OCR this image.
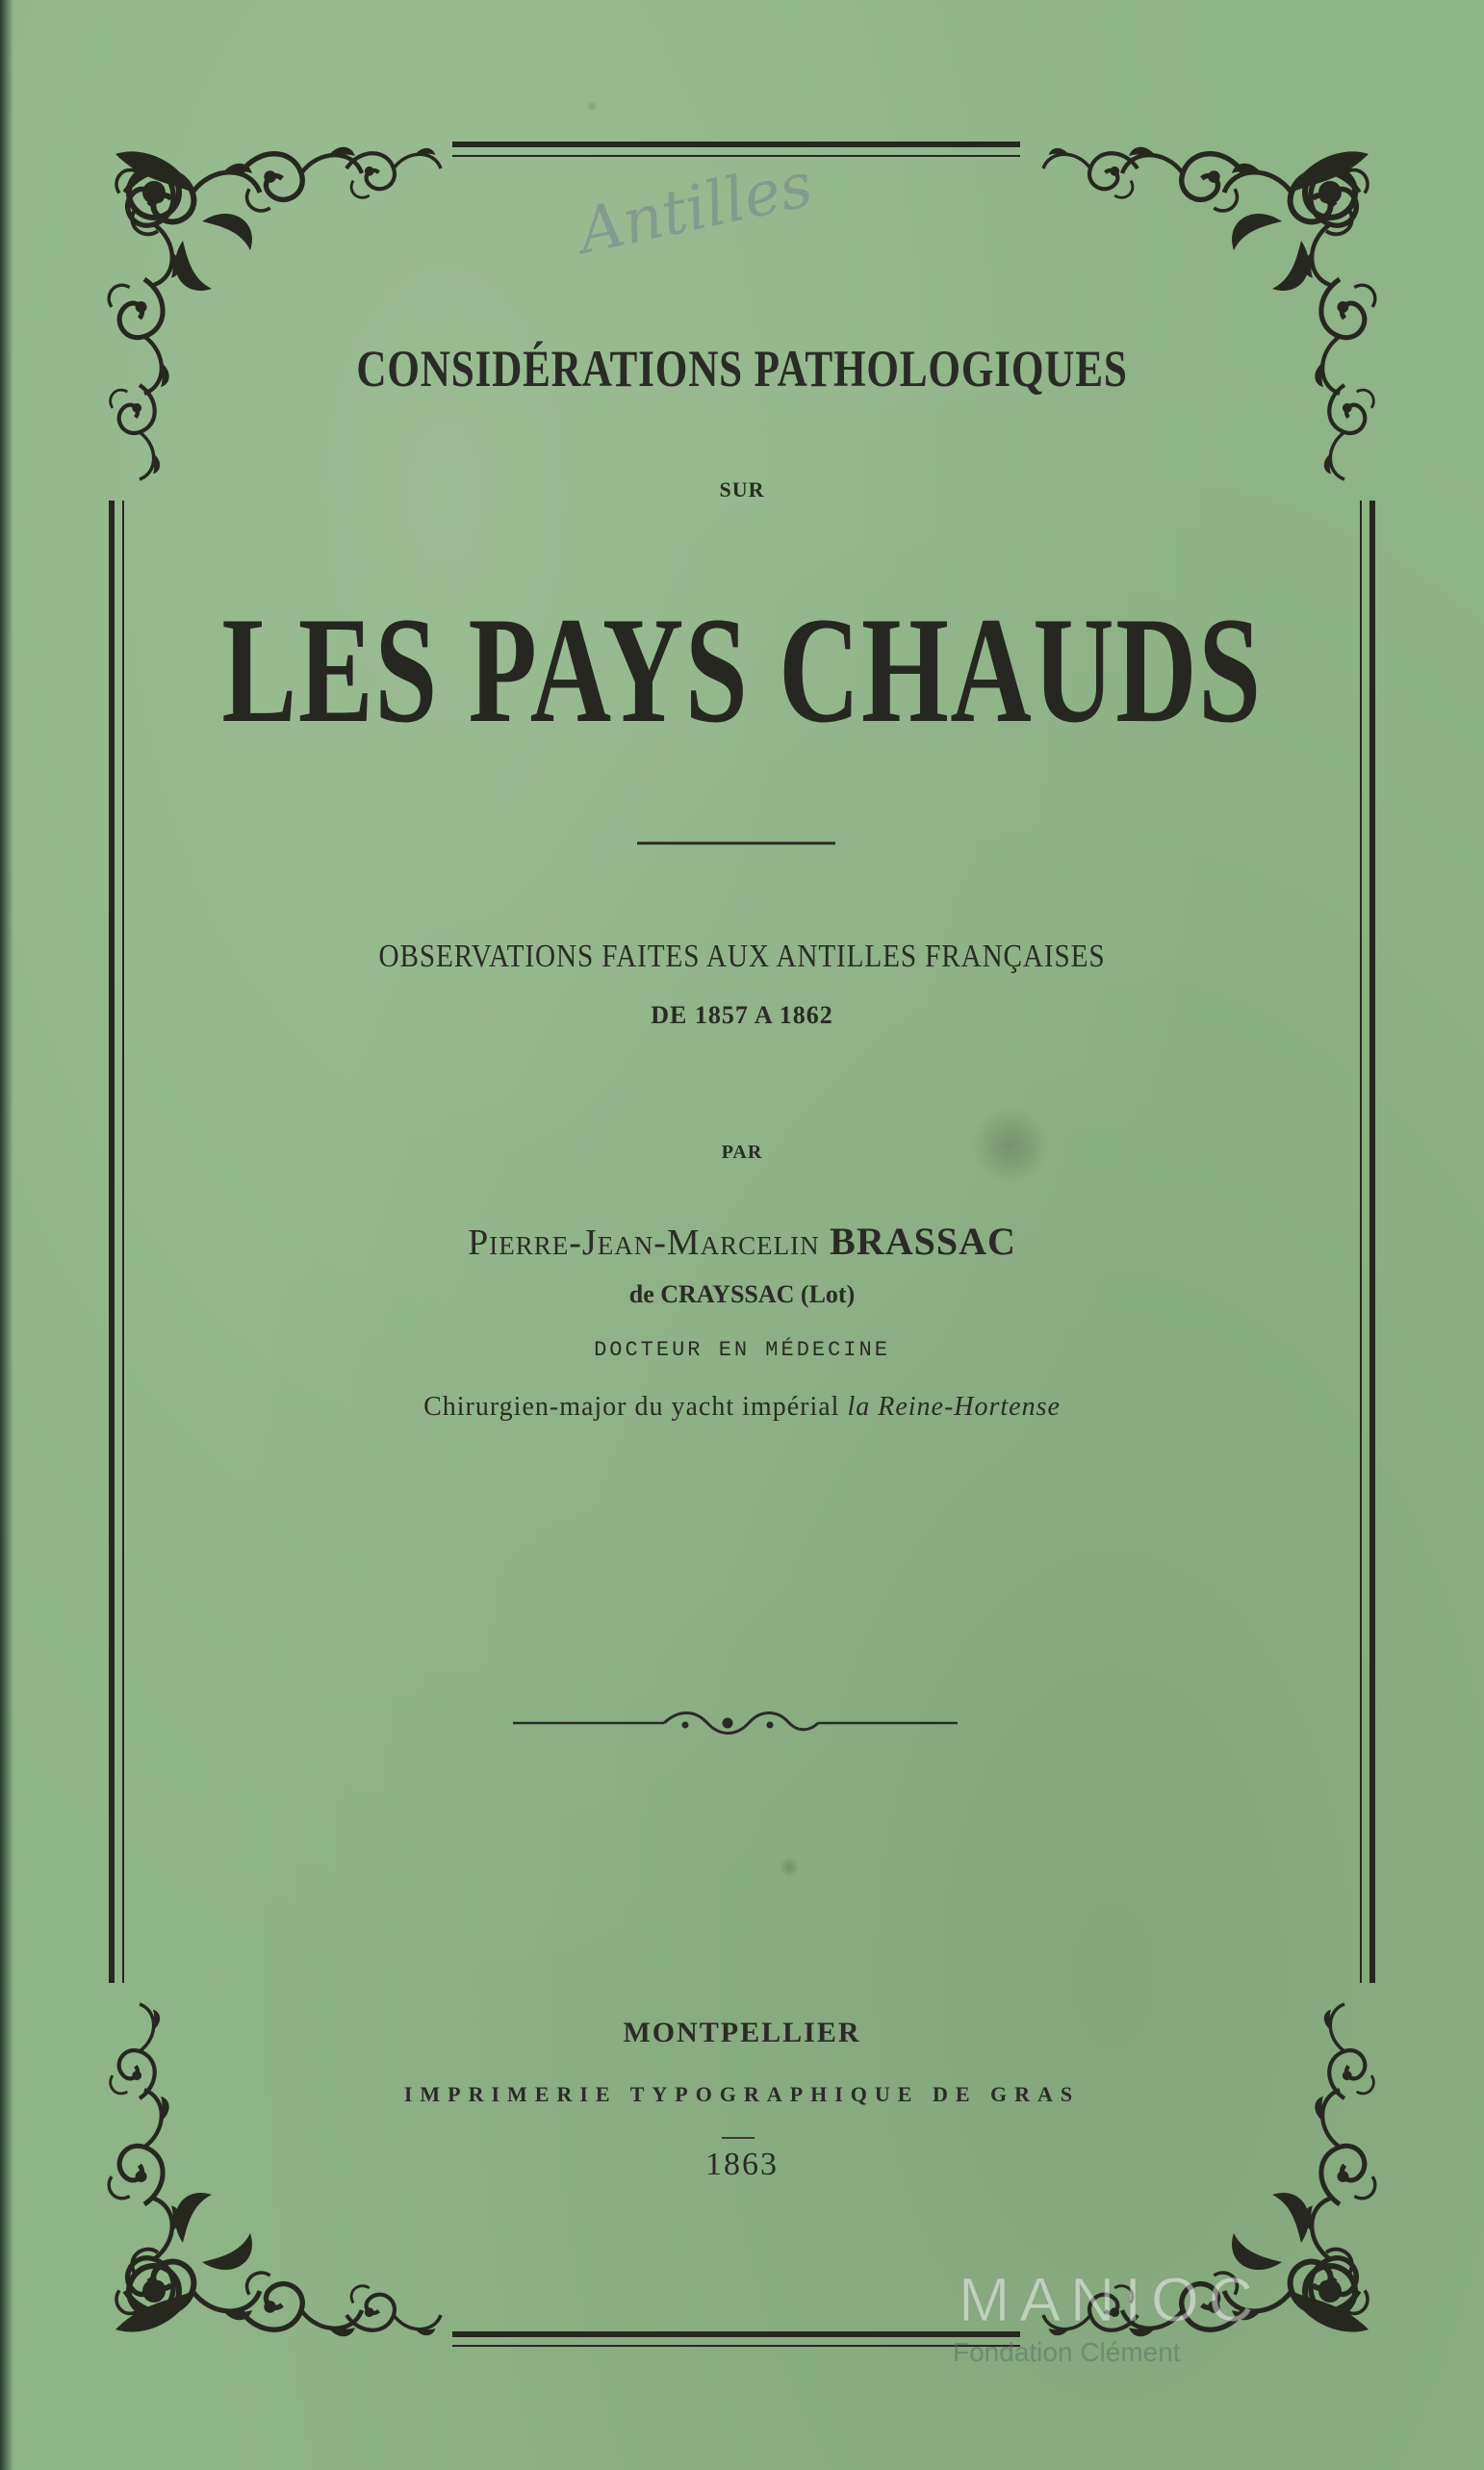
Antilles

CONSIDÉRATIONS PATHOLOGIQUES

SUR

LES PAYS CHAUDS

OBSERVATIONS FAITES AUX ANTILLES FRANÇAISES

DE 1857 A 1862

PAR

Pierre-Jean-Marcelin BRASSAC

de CRAYSSAC (Lot)

DOCTEUR EN MÉDECINE

Chirurgien-major du yacht impérial la Reine-Hortense

MONTPELLIER

IMPRIMERIE TYPOGRAPHIQUE DE GRAS

1863

MANIOC
Fondation Clément
